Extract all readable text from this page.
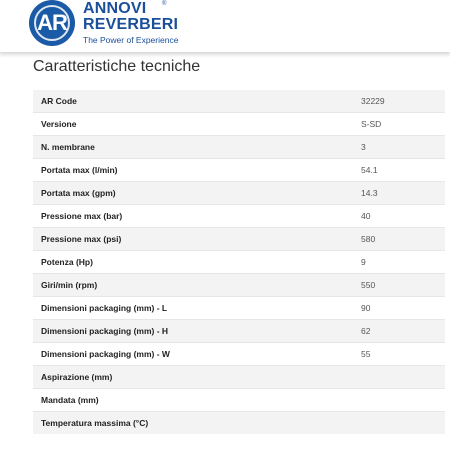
AR
ANNOVI
REVERBERI
The Power of Experience
®
Caratteristiche tecniche
AR Code	32229
Versione	S-SD
N. membrane	3
Portata max (l/min)	54.1
Portata max (gpm)	14.3
Pressione max (bar)	40
Pressione max (psi)	580
Potenza (Hp)	9
Giri/min (rpm)	550
Dimensioni packaging (mm) - L	90
Dimensioni packaging (mm) - H	62
Dimensioni packaging (mm) - W	55
Aspirazione (mm)	
Mandata (mm)	
Temperatura massima (°C)	
